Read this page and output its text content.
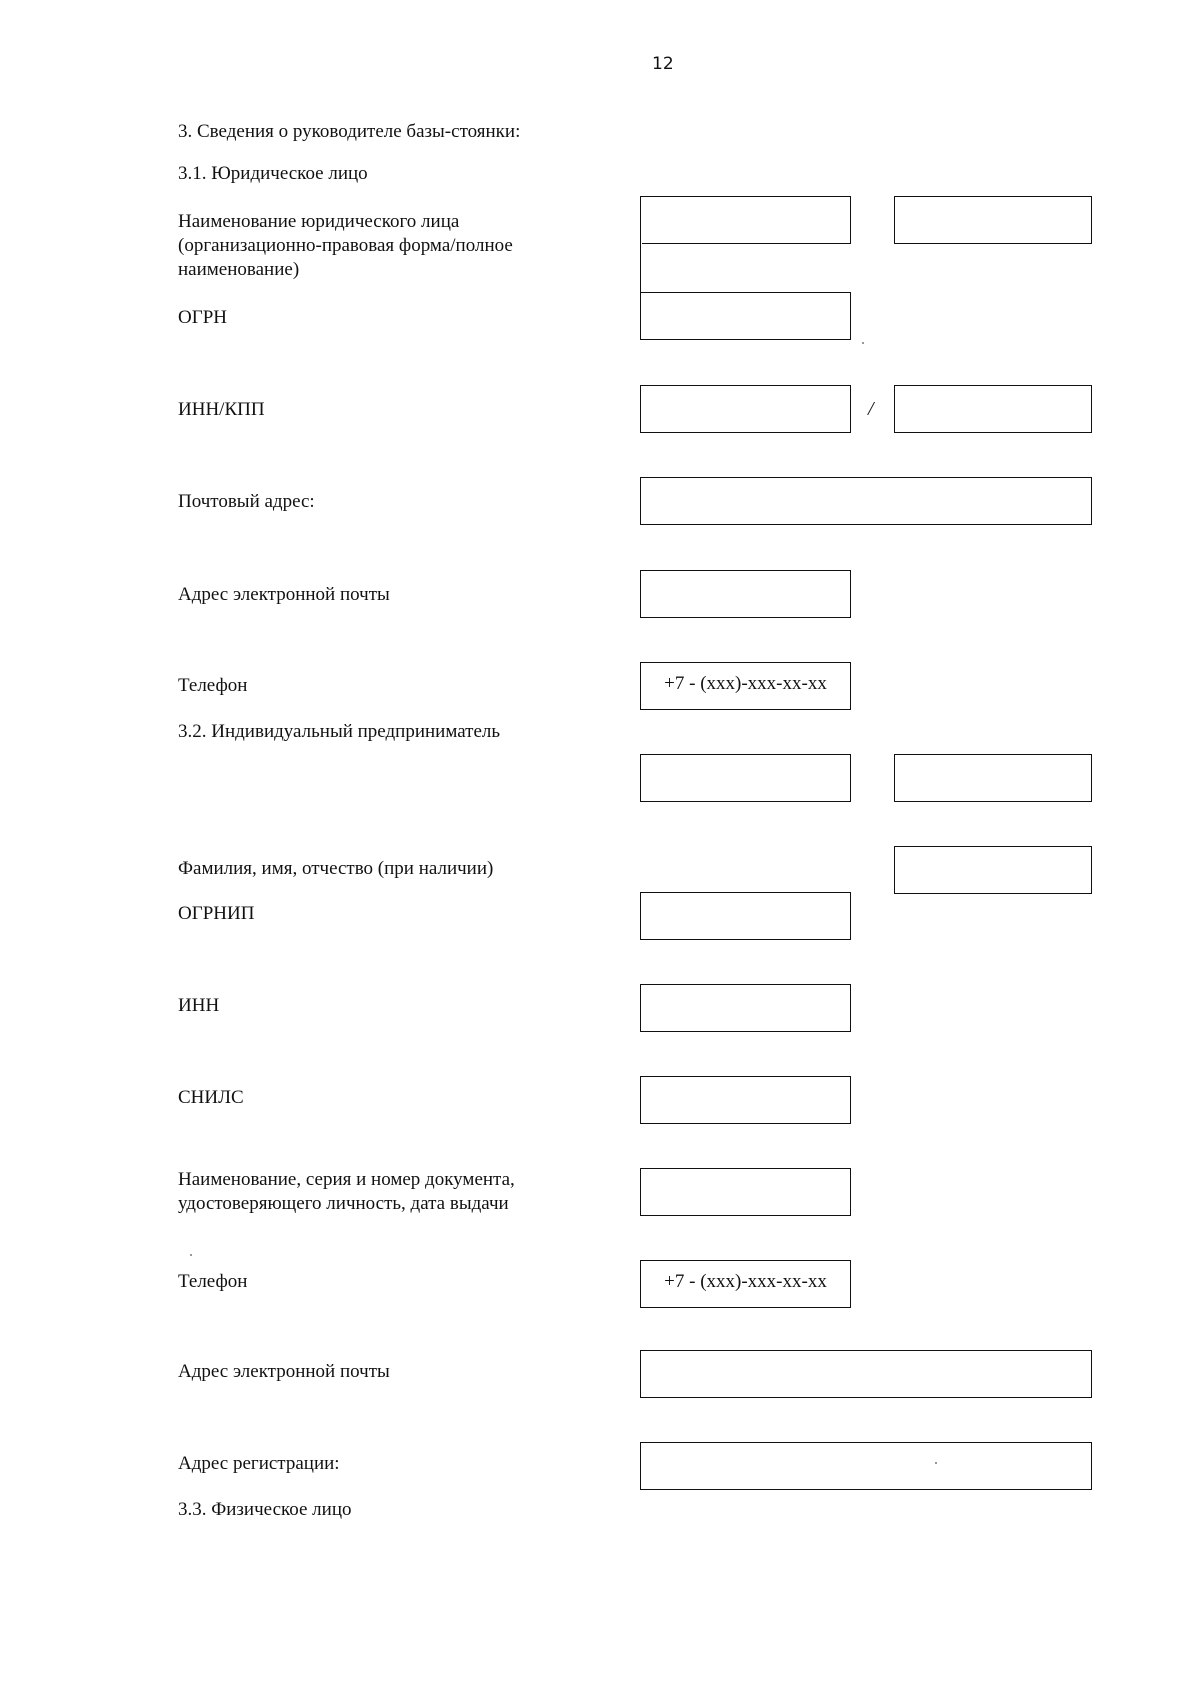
12
3. Сведения о руководителе базы-стоянки:
3.1. Юридическое лицо
Наименование юридического лица (организационно-правовая форма/полное наименование)
ОГРН
ИНН/КПП	/
Почтовый адрес:
Адрес электронной почты
Телефон	+7 - (ххх)-ххх-хх-хх
3.2. Индивидуальный предприниматель
Фамилия, имя, отчество (при наличии)
ОГРНИП
ИНН
СНИЛС
Наименование, серия и номер документа, удостоверяющего личность, дата выдачи
Телефон	+7 - (ххх)-ххх-хх-хх
Адрес электронной почты
Адрес регистрации:
3.3. Физическое лицо
